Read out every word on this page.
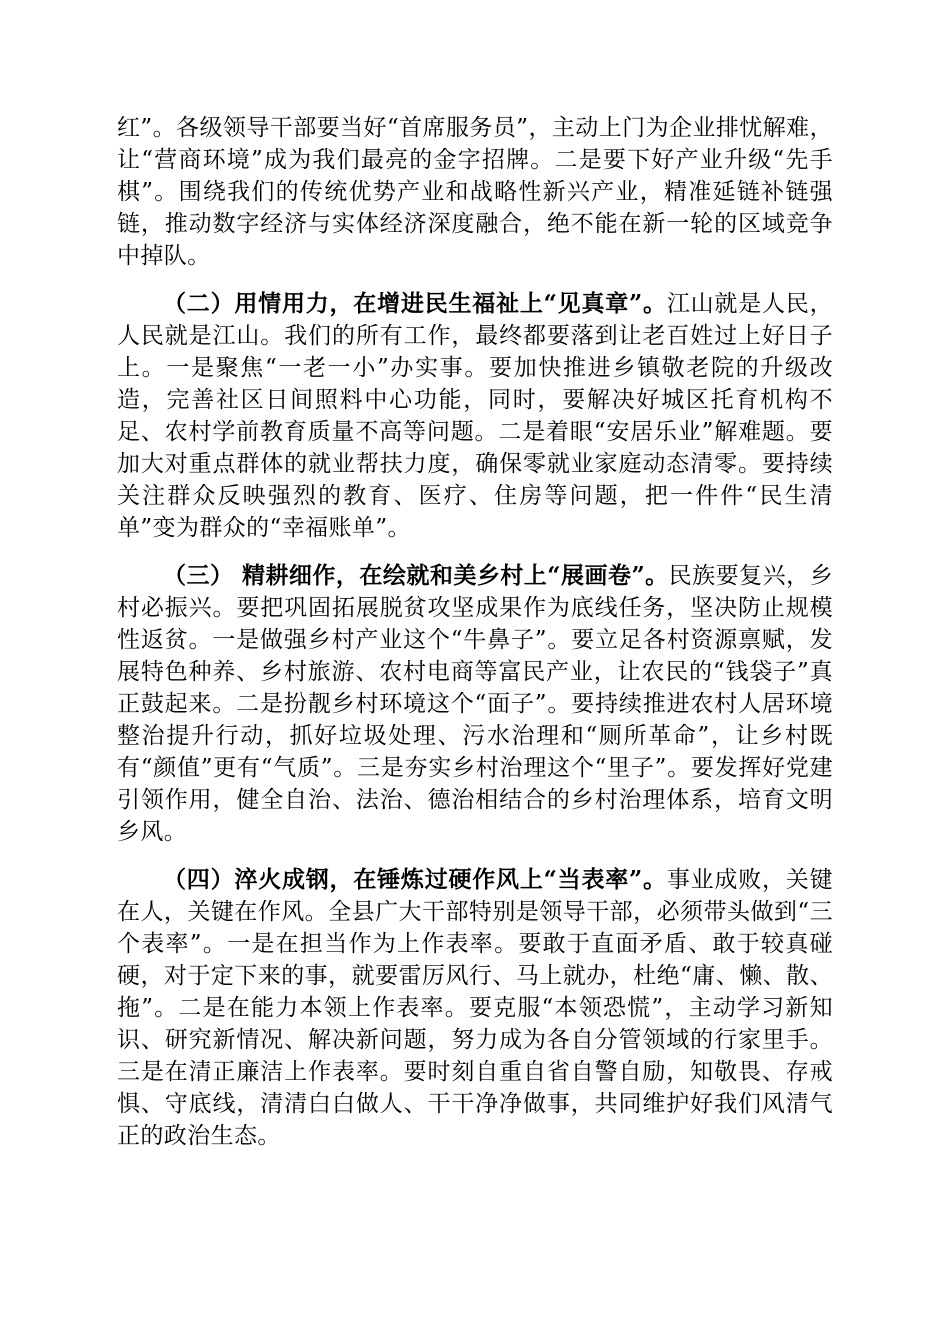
红”。各级领导干部要当好“首席服务员”，主动上门为企业排忧解难，让“营商环境”成为我们最亮的金字招牌。二是要下好产业升级“先手棋”。围绕我们的传统优势产业和战略性新兴产业，精准延链补链强链，推动数字经济与实体经济深度融合，绝不能在新一轮的区域竞争中掉队。

（二）用情用力，在增进民生福祉上“见真章”。江山就是人民，人民就是江山。我们的所有工作，最终都要落到让老百姓过上好日子上。一是聚焦“一老一小”办实事。要加快推进乡镇敬老院的升级改造，完善社区日间照料中心功能，同时，要解决好城区托育机构不足、农村学前教育质量不高等问题。二是着眼“安居乐业”解难题。要加大对重点群体的就业帮扶力度，确保零就业家庭动态清零。要持续关注群众反映强烈的教育、医疗、住房等问题，把一件件“民生清单”变为群众的“幸福账单”。

（三） 精耕细作，在绘就和美乡村上“展画卷”。民族要复兴，乡村必振兴。要把巩固拓展脱贫攻坚成果作为底线任务，坚决防止规模性返贫。一是做强乡村产业这个“牛鼻子”。要立足各村资源禀赋，发展特色种养、乡村旅游、农村电商等富民产业，让农民的“钱袋子”真正鼓起来。二是扮靓乡村环境这个“面子”。要持续推进农村人居环境整治提升行动，抓好垃圾处理、污水治理和“厕所革命”，让乡村既有“颜值”更有“气质”。三是夯实乡村治理这个“里子”。要发挥好党建引领作用，健全自治、法治、德治相结合的乡村治理体系，培育文明乡风。

（四）淬火成钢，在锤炼过硬作风上“当表率”。事业成败，关键在人，关键在作风。全县广大干部特别是领导干部，必须带头做到“三个表率”。一是在担当作为上作表率。要敢于直面矛盾、敢于较真碰硬，对于定下来的事，就要雷厉风行、马上就办，杜绝“庸、懒、散、拖”。二是在能力本领上作表率。要克服“本领恐慌”，主动学习新知识、研究新情况、解决新问题，努力成为各自分管领域的行家里手。三是在清正廉洁上作表率。要时刻自重自省自警自励，知敬畏、存戒惧、守底线，清清白白做人、干干净净做事，共同维护好我们风清气正的政治生态。
